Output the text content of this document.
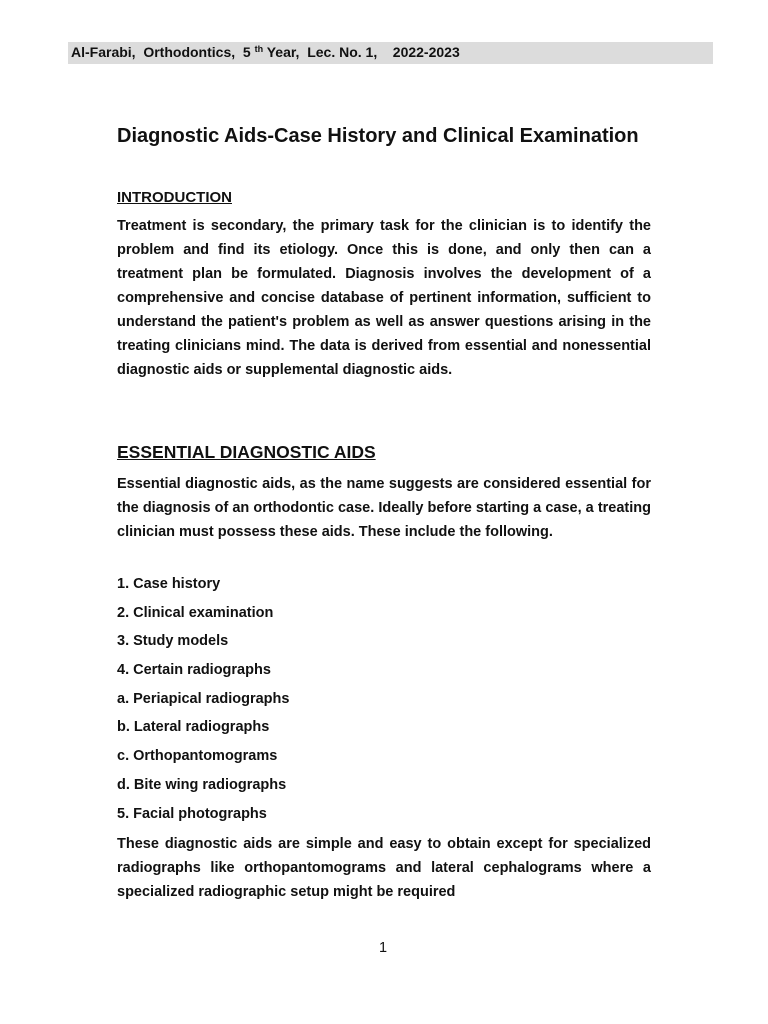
Al-Farabi,  Orthodontics,  5 $^{th}$ Year,  Lec. No. 1,    2022-2023
Diagnostic Aids-Case History and Clinical Examination
INTRODUCTION

Treatment is secondary, the primary task for the clinician is to identify the problem and find its etiology. Once this is done, and only then can a treatment plan be formulated. Diagnosis involves the development of a comprehensive and concise database of pertinent information, sufficient to understand the patient's problem as well as answer questions arising in the treating clinicians mind. The data is derived from essential and nonessential diagnostic aids or supplemental diagnostic aids.

ESSENTIAL DIAGNOSTIC AIDS

Essential diagnostic aids, as the name suggests are considered essential for the diagnosis of an orthodontic case. Ideally before starting a case, a treating clinician must possess these aids. These include the following.

1. Case history
2. Clinical examination
3. Study models
4. Certain radiographs
a. Periapical radiographs
b. Lateral radiographs
c. Orthopantomograms
d. Bite wing radiographs
5. Facial photographs

These diagnostic aids are simple and easy to obtain except for specialized radiographs like orthopantomograms and lateral cephalograms where a specialized radiographic setup might be required

1
